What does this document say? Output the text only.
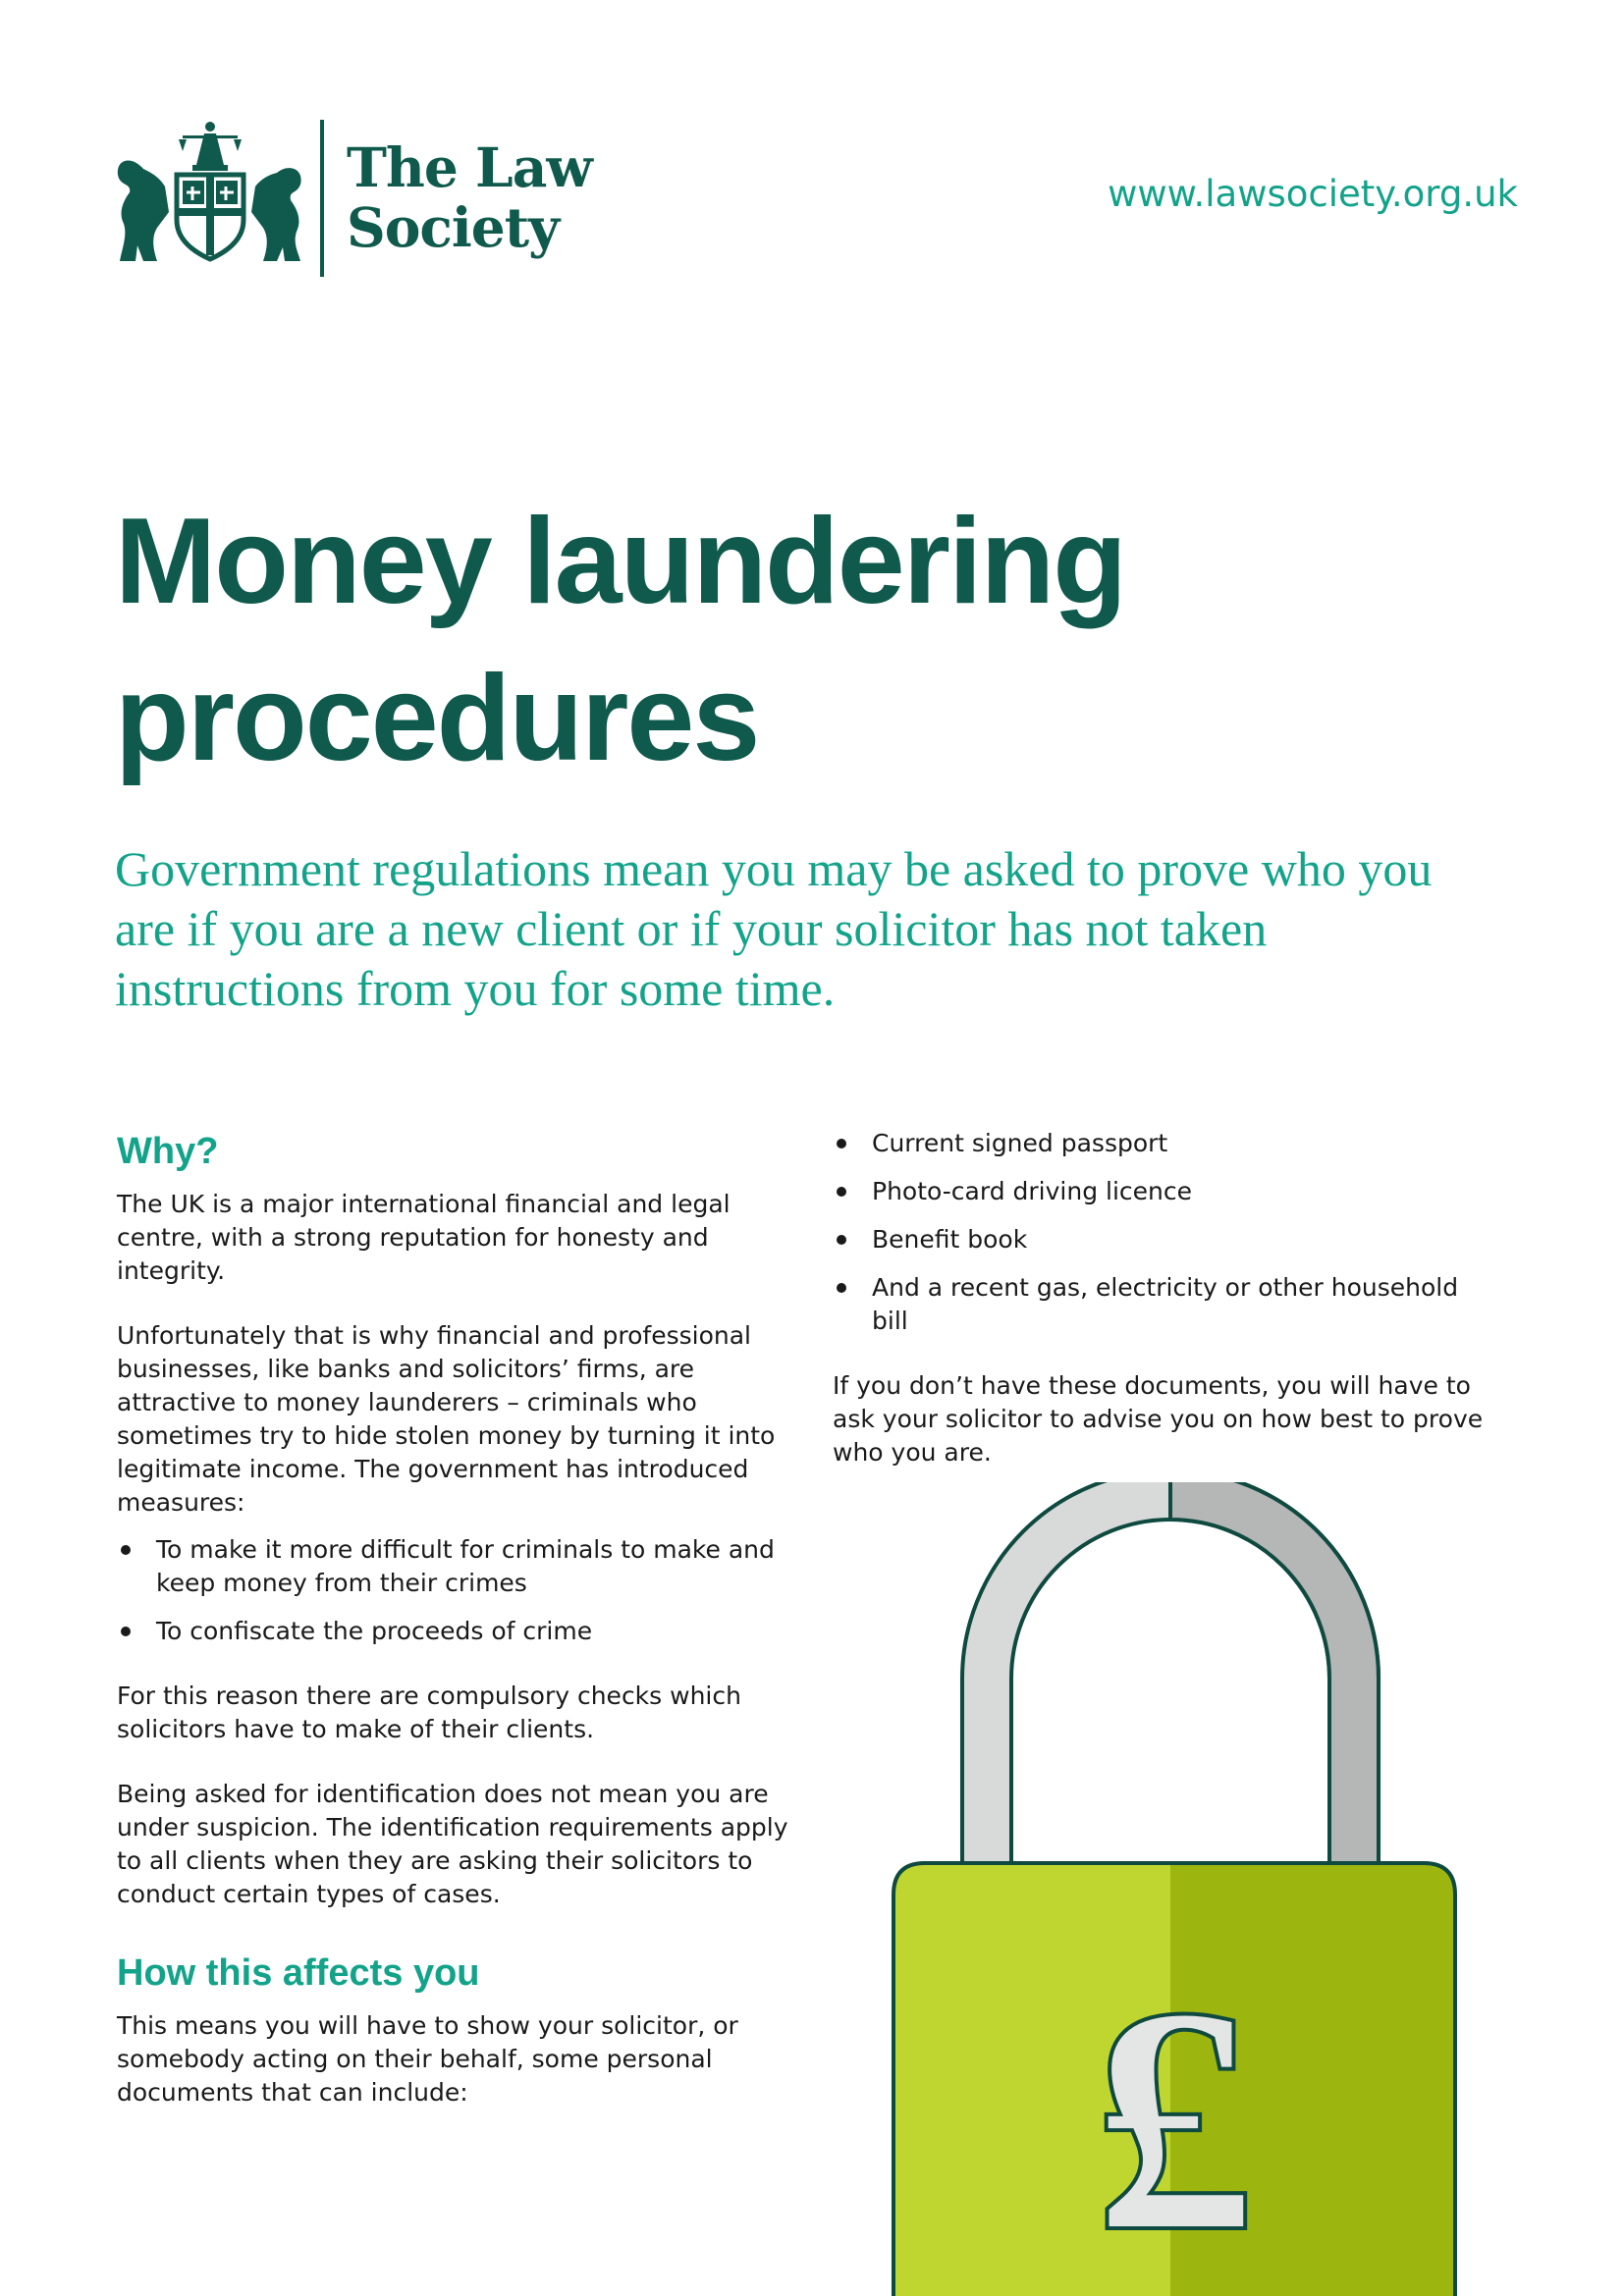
The Law
Society
www.lawsociety.org.uk
Money laundering
procedures

Government regulations mean you may be asked to prove who you are if you are a new client or if your solicitor has not taken instructions from you for some time.

Why?

The UK is a major international financial and legal centre, with a strong reputation for honesty and integrity.

Unfortunately that is why financial and professional businesses, like banks and solicitors’ firms, are attractive to money launderers – criminals who sometimes try to hide stolen money by turning it into legitimate income. The government has introduced measures:

To make it more difficult for criminals to make and keep money from their crimes
To confiscate the proceeds of crime

For this reason there are compulsory checks which solicitors have to make of their clients.

Being asked for identification does not mean you are under suspicion. The identification requirements apply to all clients when they are asking their solicitors to conduct certain types of cases.

How this affects you

This means you will have to show your solicitor, or somebody acting on their behalf, some personal documents that can include:

Current signed passport
Photo-card driving licence
Benefit book
And a recent gas, electricity or other household bill

If you don’t have these documents, you will have to ask your solicitor to advise you on how best to prove who you are.

£
